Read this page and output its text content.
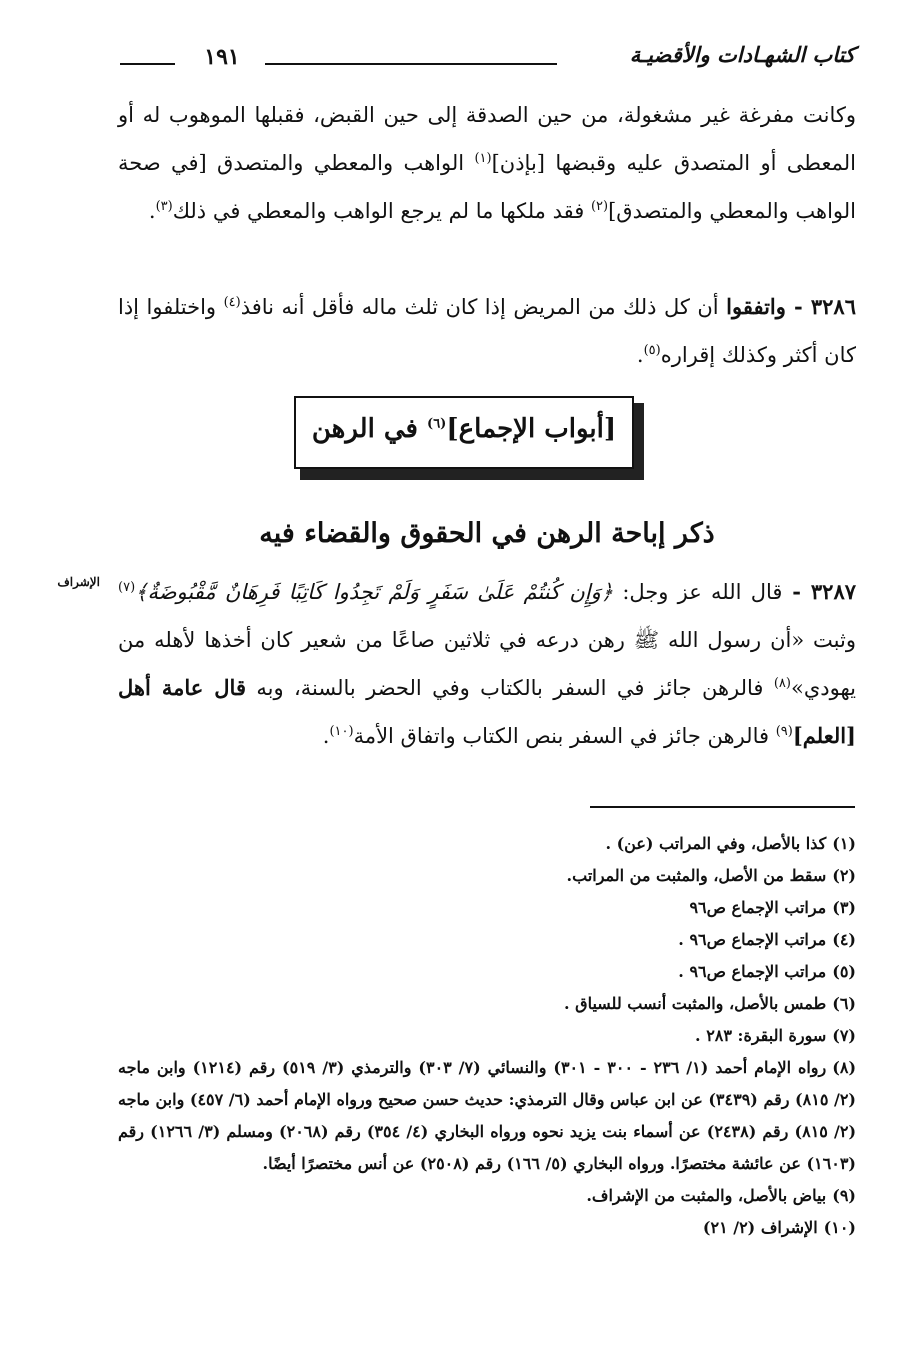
كتاب الشهـادات والأقضيـة
١٩١

وكانت مفرغة غير مشغولة، من حين الصدقة إلى حين القبض، فقبلها الموهوب له أو المعطى أو المتصدق عليه وقبضها [بإذن]$^{(١)}$ الواهب والمعطي والمتصدق [في صحة الواهب والمعطي والمتصدق]$^{(٢)}$ فقد ملكها ما لم يرجع الواهب والمعطي في ذلك$^{(٣)}$.

٣٢٨٦ - واتفقوا أن كل ذلك من المريض إذا كان ثلث ماله فأقل أنه نافذ$^{(٤)}$ واختلفوا إذا كان أكثر وكذلك إقراره$^{(٥)}$.

[أبواب الإجماع]$^{(٦)}$ في الرهن
ذكر إباحة الرهن في الحقوق والقضاء فيه
الإشراف	٣٢٨٧ - قال الله عز وجل: ﴿وَإِن كُنتُمْ عَلَىٰ سَفَرٍ وَلَمْ تَجِدُوا كَاتِبًا فَرِهَانٌ مَّقْبُوضَةٌ﴾$^{(٧)}$ وثبت «أن رسول الله ﷺ رهن درعه في ثلاثين صاعًا من شعير كان أخذها لأهله من يهودي»$^{(٨)}$ فالرهن جائز في السفر بالكتاب وفي الحضر بالسنة، وبه قال عامة أهل [العلم]$^{(٩)}$ فالرهن جائز في السفر بنص الكتاب واتفاق الأمة$^{(١٠)}$.

(١)كذا بالأصل، وفي المراتب (عن) .

(٢)سقط من الأصل، والمثبت من المراتب.

(٣)مراتب الإجماع ص٩٦

(٤)مراتب الإجماع ص٩٦ .

(٥)مراتب الإجماع ص٩٦ .

(٦)طمس بالأصل، والمثبت أنسب للسياق .

(٧)سورة البقرة: ٢٨٣ .

(٨)رواه الإمام أحمد (١/ ٢٣٦ - ٣٠٠ - ٣٠١) والنسائي (٧/ ٣٠٣) والترمذي (٣/ ٥١٩) رقم (١٢١٤) وابن ماجه (٢/ ٨١٥) رقم (٣٤٣٩) عن ابن عباس وقال الترمذي: حديث حسن صحيح ورواه الإمام أحمد (٦/ ٤٥٧) وابن ماجه (٢/ ٨١٥) رقم (٢٤٣٨) عن أسماء بنت يزيد نحوه ورواه البخاري (٤/ ٣٥٤) رقم (٢٠٦٨) ومسلم (٣/ ١٢٦٦) رقم (١٦٠٣) عن عائشة مختصرًا. ورواه البخاري (٥/ ١٦٦) رقم (٢٥٠٨) عن أنس مختصرًا أيضًا.

(٩)بياض بالأصل، والمثبت من الإشراف.

(١٠)الإشراف (٢/ ٢١)
